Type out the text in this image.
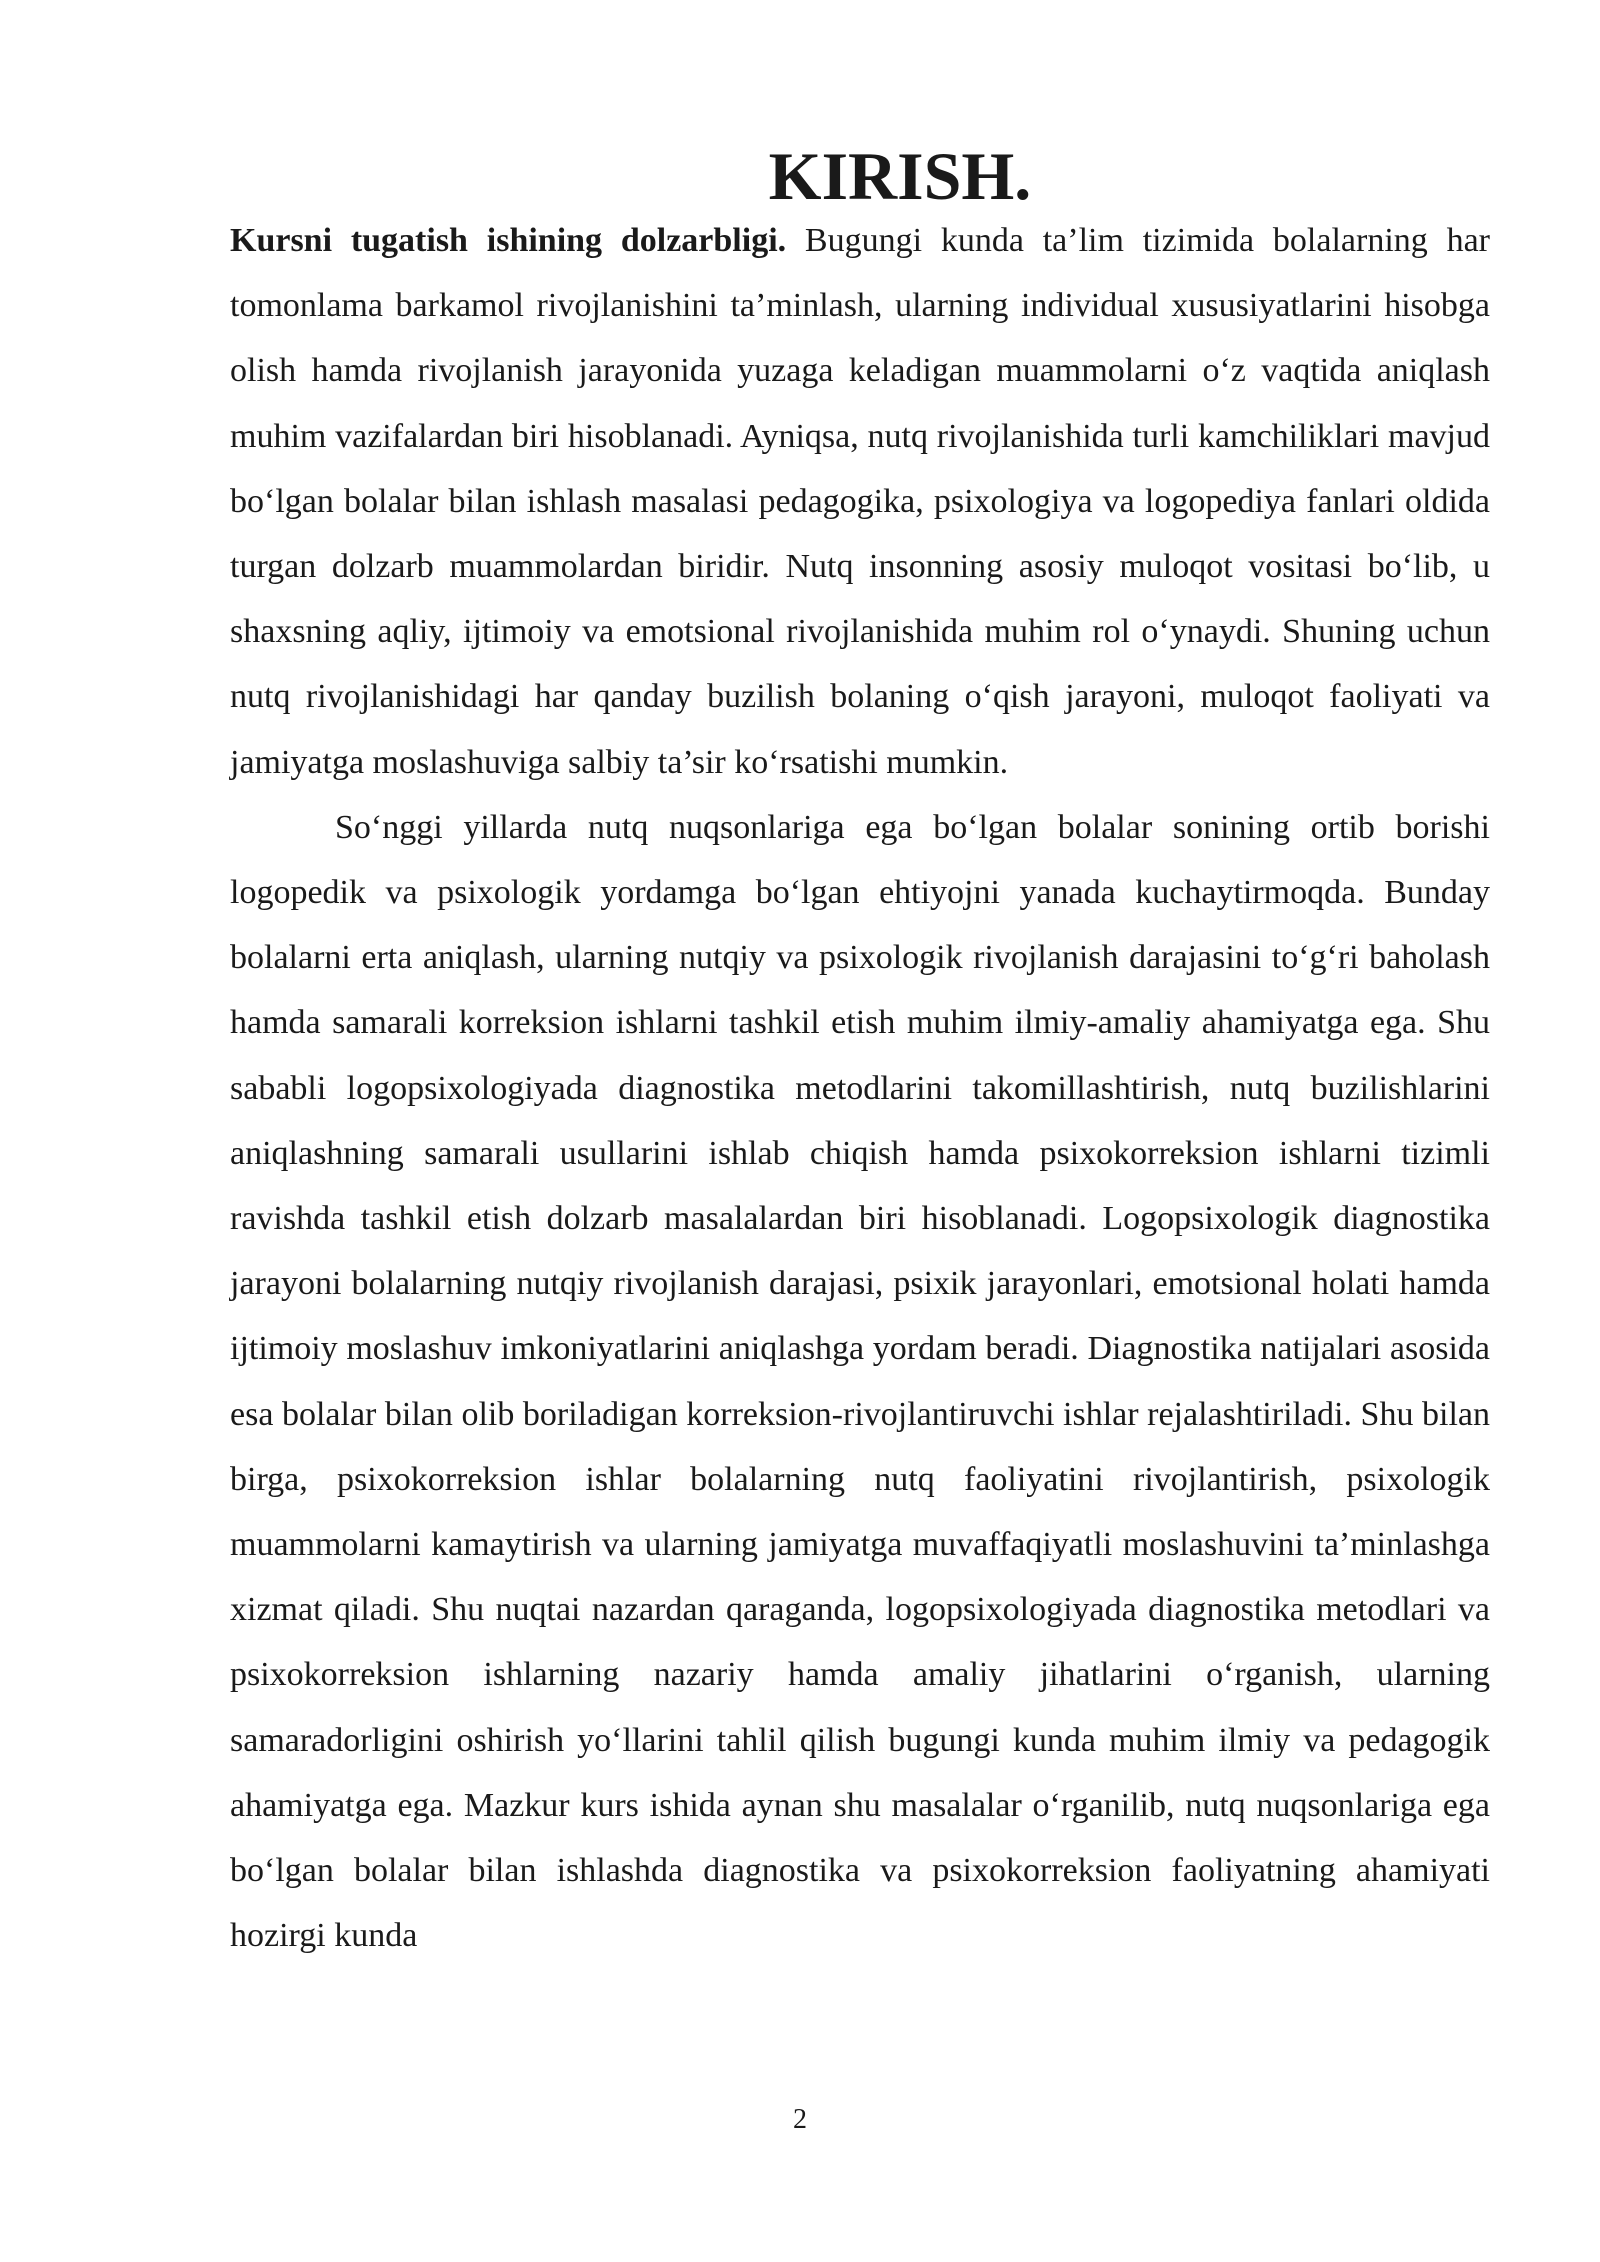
KIRISH.

Kursni tugatish ishining dolzarbligi. Bugungi kunda ta’lim tizimida bolalarning har tomonlama barkamol rivojlanishini ta’minlash, ularning individual xususiyatlarini hisobga olish hamda rivojlanish jarayonida yuzaga keladigan muammolarni o‘z vaqtida aniqlash muhim vazifalardan biri hisoblanadi. Ayniqsa, nutq rivojlanishida turli kamchiliklari mavjud bo‘lgan bolalar bilan ishlash masalasi pedagogika, psixologiya va logopediya fanlari oldida turgan dolzarb muammolardan biridir. Nutq insonning asosiy muloqot vositasi bo‘lib, u shaxsning aqliy, ijtimoiy va emotsional rivojlanishida muhim rol o‘ynaydi. Shuning uchun nutq rivojlanishidagi har qanday buzilish bolaning o‘qish jarayoni, muloqot faoliyati va jamiyatga moslashuviga salbiy ta’sir ko‘rsatishi mumkin.

So‘nggi yillarda nutq nuqsonlariga ega bo‘lgan bolalar sonining ortib borishi logopedik va psixologik yordamga bo‘lgan ehtiyojni yanada kuchaytirmoqda. Bunday bolalarni erta aniqlash, ularning nutqiy va psixologik rivojlanish darajasini to‘g‘ri baholash hamda samarali korreksion ishlarni tashkil etish muhim ilmiy-amaliy ahamiyatga ega. Shu sababli logopsixologiyada diagnostika metodlarini takomillashtirish, nutq buzilishlarini aniqlashning samarali usullarini ishlab chiqish hamda psixokorreksion ishlarni tizimli ravishda tashkil etish dolzarb masalalardan biri hisoblanadi. Logopsixologik diagnostika jarayoni bolalarning nutqiy rivojlanish darajasi, psixik jarayonlari, emotsional holati hamda ijtimoiy moslashuv imkoniyatlarini aniqlashga yordam beradi. Diagnostika natijalari asosida esa bolalar bilan olib boriladigan korreksion-rivojlantiruvchi ishlar rejalashtiriladi. Shu bilan birga, psixokorreksion ishlar bolalarning nutq faoliyatini rivojlantirish, psixologik muammolarni kamaytirish va ularning jamiyatga muvaffaqiyatli moslashuvini ta’minlashga xizmat qiladi. Shu nuqtai nazardan qaraganda, logopsixologiyada diagnostika metodlari va psixokorreksion ishlarning nazariy hamda amaliy jihatlarini o‘rganish, ularning samaradorligini oshirish yo‘llarini tahlil qilish bugungi kunda muhim ilmiy va pedagogik ahamiyatga ega. Mazkur kurs ishida aynan shu masalalar o‘rganilib, nutq nuqsonlariga ega bo‘lgan bolalar bilan ishlashda diagnostika va psixokorreksion faoliyatning ahamiyati hozirgi kunda

2
